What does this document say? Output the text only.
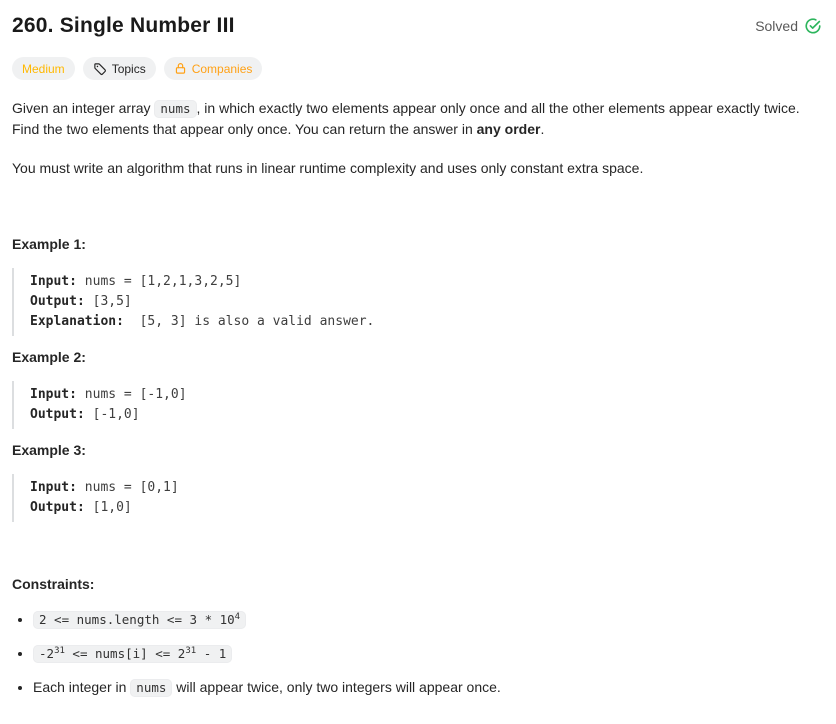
260. Single Number III	Solved
Medium	Topics	Companies

Given an integer array nums , in which exactly two elements appear only once and all the other elements appear exactly twice. Find the two elements that appear only once. You can return the answer in any order.

You must write an algorithm that runs in linear runtime complexity and uses only constant extra space.

Example 1:

Input: nums = [1,2,1,3,2,5]
Output: [3,5]
Explanation:  [5, 3] is also a valid answer.

Example 2:

Input: nums = [-1,0]
Output: [-1,0]

Example 3:

Input: nums = [0,1]
Output: [1,0]

Constraints:

• 2 <= nums.length <= $3 * 10^4$
• $-2^{31}$ <= nums[i] <= $2^{31} - 1$
• Each integer in nums will appear twice, only two integers will appear once.
